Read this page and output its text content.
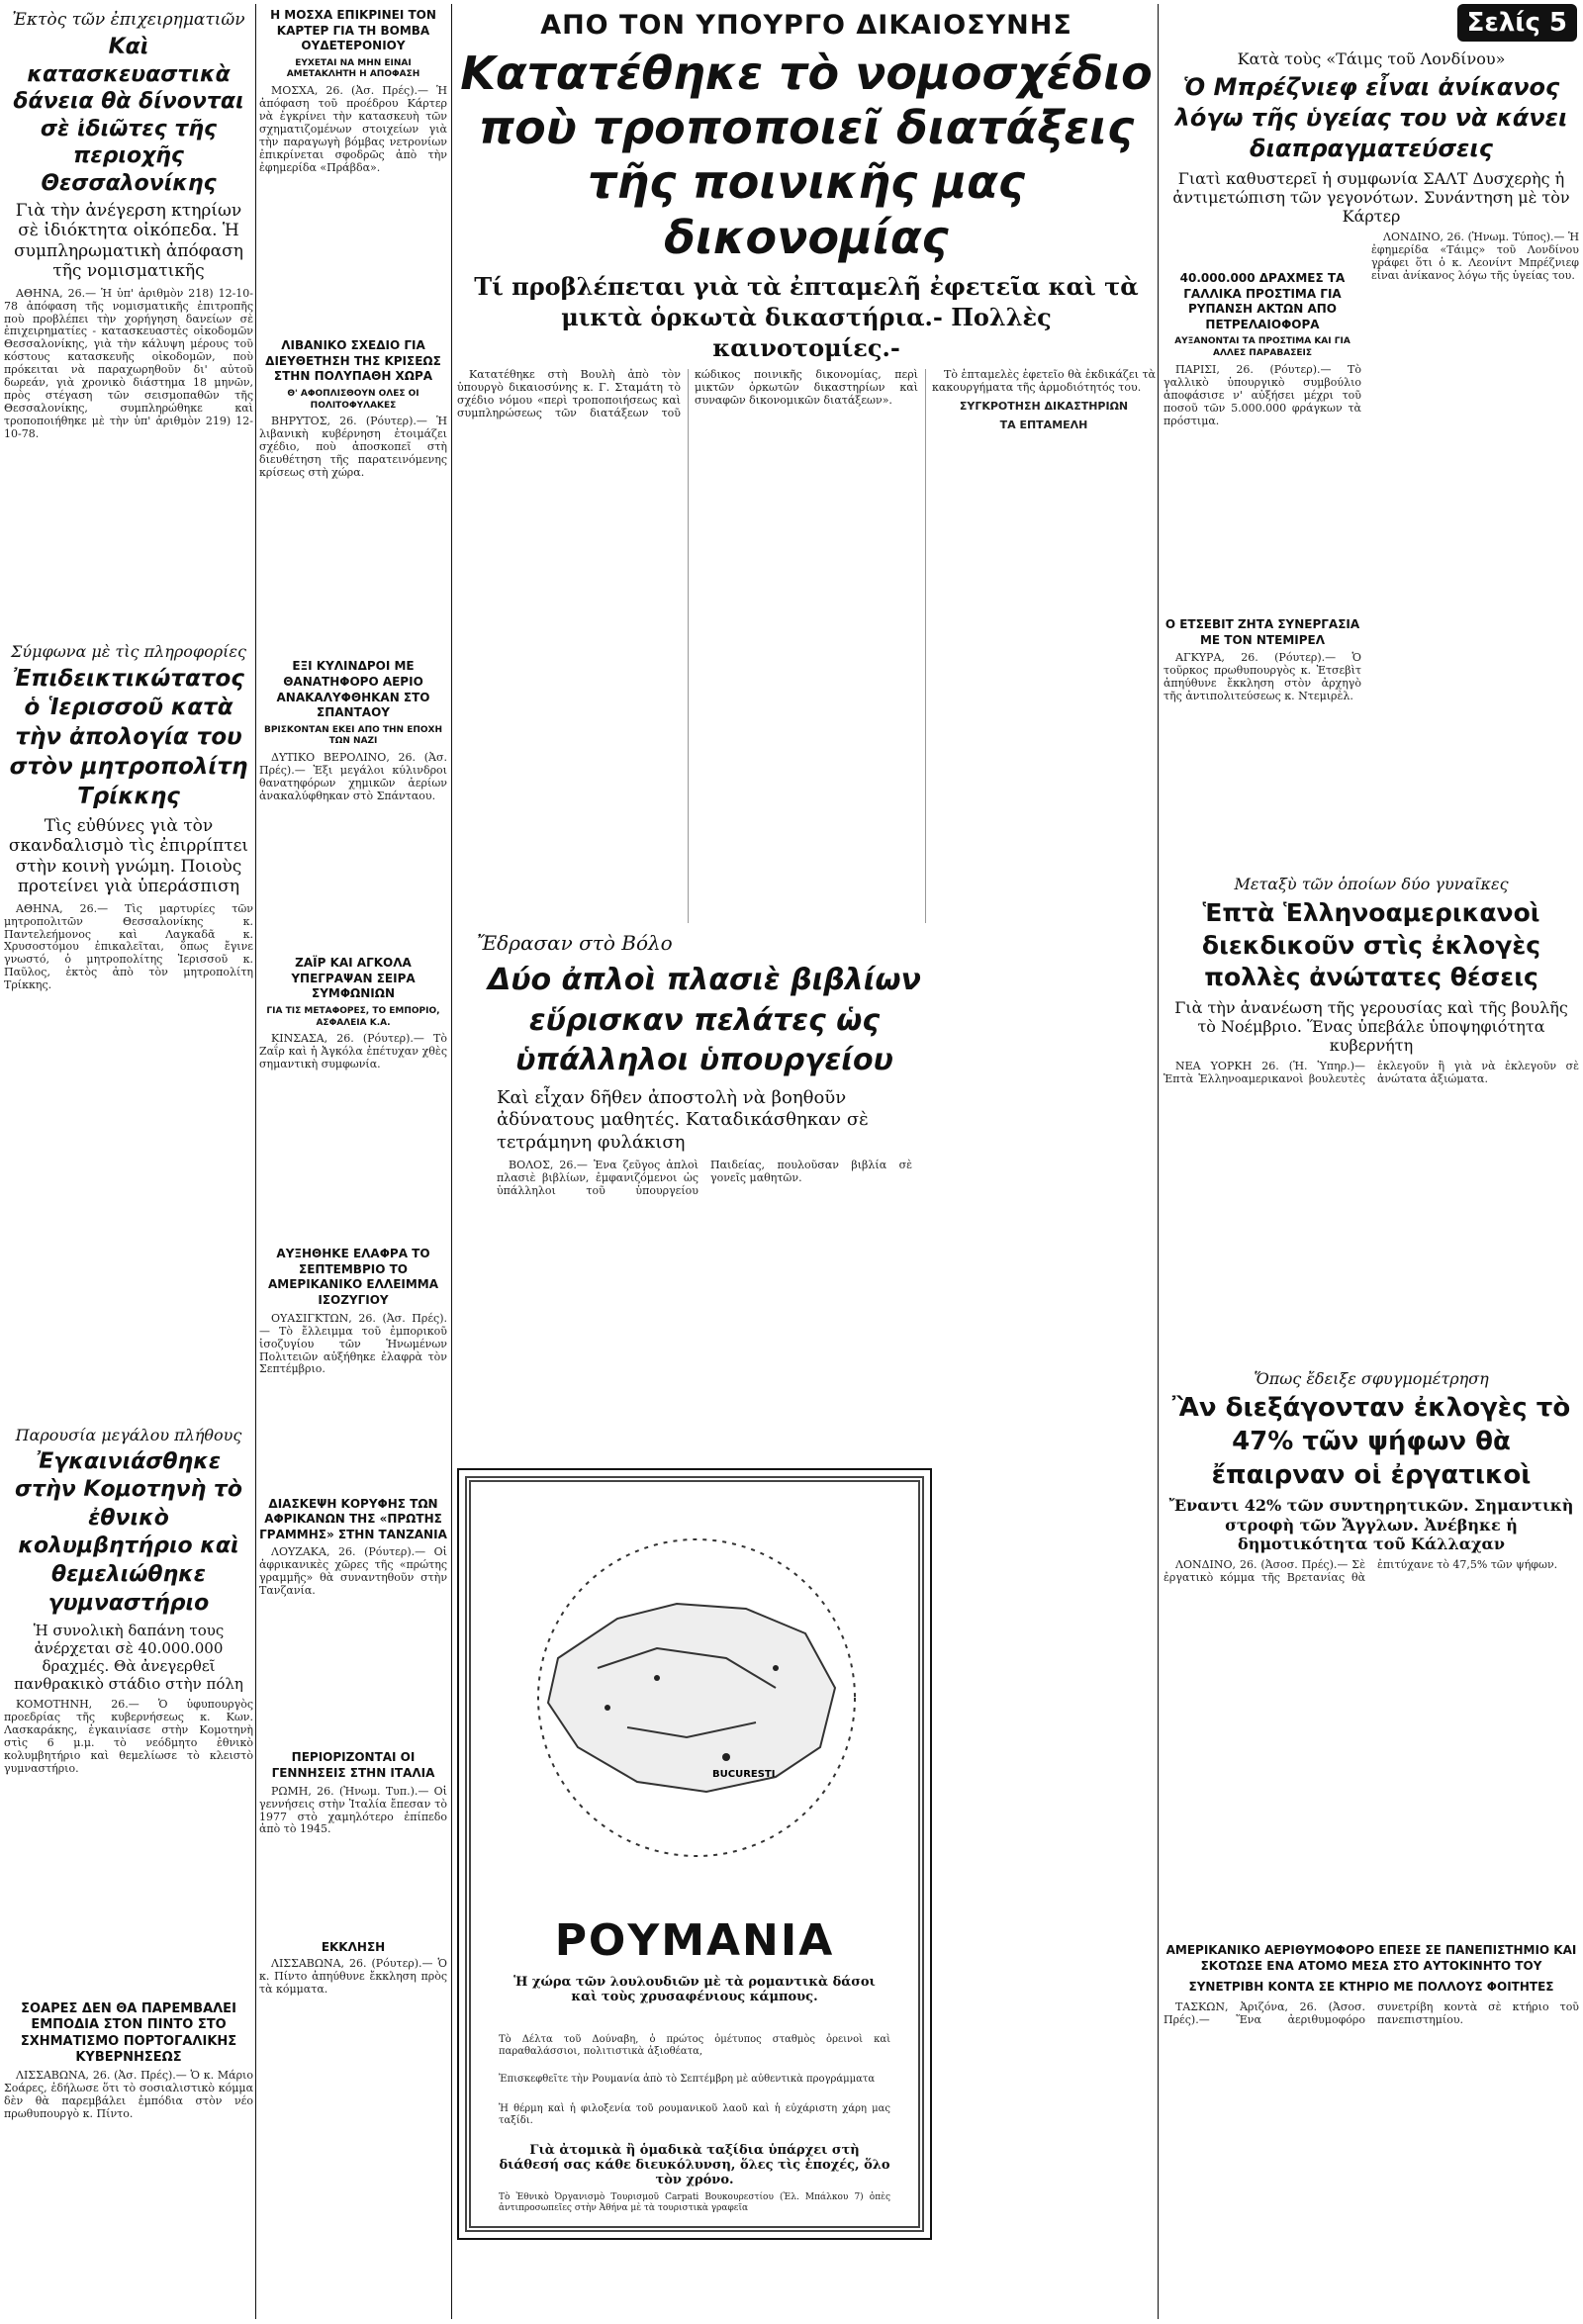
Ἐκτὸς τῶν ἐπιχειρηματιῶν
Καὶ κατασκευαστικὰ δάνεια θὰ δίνονται σὲ ἰδιῶτες τῆς περιοχῆς Θεσσαλονίκης
Γιὰ τὴν ἀνέγερση κτηρίων σὲ ἰδιόκτητα οἰκόπεδα. Ἡ συμπληρωματικὴ ἀπόφαση τῆς νομισματικῆς

ΑΘΗΝΑ, 26.— Ἡ ὑπ' ἀριθμὸν 218) 12-10-78 ἀπόφαση τῆς νομισματικῆς ἐπιτροπῆς ποὺ προβλέπει τὴν χορήγηση δανείων σὲ ἐπιχειρηματίες - κατασκευαστὲς οἰκοδομῶν Θεσσαλονίκης, γιὰ τὴν κάλυψη μέρους τοῦ κόστους κατασκευῆς οἰκοδομῶν, ποὺ πρόκειται νὰ παραχωρηθοῦν δι' αὐτοῦ δωρεάν, γιὰ χρονικὸ διάστημα 18 μηνῶν, πρὸς στέγαση τῶν σεισμοπαθῶν τῆς Θεσσαλονίκης, συμπληρώθηκε καὶ τροποποιήθηκε μὲ τὴν ὑπ' ἀριθμὸν 219) 12-10-78.

Σύμφωνα μὲ τὶς πληροφορίες
Ἐπιδεικτικώτατος ὁ Ἱερισσοῦ κατὰ τὴν ἀπολογία του στὸν μητροπολίτη Τρίκκης
Τὶς εὐθύνες γιὰ τὸν σκανδαλισμὸ τὶς ἐπιρρίπτει στὴν κοινὴ γνώμη. Ποιοὺς προτείνει γιὰ ὑπεράσπιση

ΑΘΗΝΑ, 26.— Τὶς μαρτυρίες τῶν μητροπολιτῶν Θεσσαλονίκης κ. Παντελεήμονος καὶ Λαγκαδᾶ κ. Χρυσοστόμου ἐπικαλεῖται, ὅπως ἔγινε γνωστό, ὁ μητροπολίτης Ἱερισσοῦ κ. Παῦλος, ἐκτὸς ἀπὸ τὸν μητροπολίτη Τρίκκης.

Παρουσία μεγάλου πλήθους
Ἐγκαινιάσθηκε στὴν Κομοτηνὴ τὸ ἐθνικὸ κολυμβητήριο καὶ θεμελιώθηκε γυμναστήριο
Ἡ συνολικὴ δαπάνη τους ἀνέρχεται σὲ 40.000.000 δραχμές. Θὰ ἀνεγερθεῖ πανθρακικὸ στάδιο στὴν πόλη

ΚΟΜΟΤΗΝΗ, 26.— Ὁ ὑφυπουργὸς προεδρίας τῆς κυβερνήσεως κ. Κων. Λασκαράκης, ἐγκαινίασε στὴν Κομοτηνὴ στὶς 6 μ.μ. τὸ νεόδμητο ἐθνικὸ κολυμβητήριο καὶ θεμελίωσε τὸ κλειστὸ γυμναστήριο.

ΣΟΑΡΕΣ ΔΕΝ ΘΑ ΠΑΡΕΜΒΑΛΕΙ ΕΜΠΟΔΙΑ ΣΤΟΝ ΠΙΝΤΟ ΣΤΟ ΣΧΗΜΑΤΙΣΜΟ ΠΟΡΤΟΓΑΛΙΚΗΣ ΚΥΒΕΡΝΗΣΕΩΣ

ΛΙΣΣΑΒΩΝΑ, 26. (Ἀσ. Πρές).— Ὁ κ. Μάριο Σοάρες, ἐδήλωσε ὅτι τὸ σοσιαλιστικὸ κόμμα δὲν θὰ παρεμβάλει ἐμπόδια στὸν νέο πρωθυπουργὸ κ. Πίντο.

Η ΜΟΣΧΑ ΕΠΙΚΡΙΝΕΙ ΤΟΝ ΚΑΡΤΕΡ ΓΙΑ ΤΗ ΒΟΜΒΑ ΟΥΔΕΤΕΡΟΝΙΟΥ
ΕΥΧΕΤΑΙ ΝΑ ΜΗΝ ΕΙΝΑΙ ΑΜΕΤΑΚΛΗΤΗ Η ΑΠΟΦΑΣΗ

ΜΟΣΧΑ, 26. (Ἀσ. Πρές).— Ἡ ἀπόφαση τοῦ προέδρου Κάρτερ νὰ ἐγκρίνει τὴν κατασκευὴ τῶν σχηματιζομένων στοιχείων γιὰ τὴν παραγωγὴ βόμβας νετρονίων ἐπικρίνεται σφοδρῶς ἀπὸ τὴν ἐφημερίδα «Πράβδα».

ΛΙΒΑΝΙΚΟ ΣΧΕΔΙΟ ΓΙΑ ΔΙΕΥΘΕΤΗΣΗ ΤΗΣ ΚΡΙΣΕΩΣ ΣΤΗΝ ΠΟΛΥΠΑΘΗ ΧΩΡΑ
Θ' ΑΦΟΠΛΙΣΘΟΥΝ ΟΛΕΣ ΟΙ ΠΟΛΙΤΟΦΥΛΑΚΕΣ

ΒΗΡΥΤΟΣ, 26. (Ρόυτερ).— Ἡ λιβανικὴ κυβέρνηση ἐτοιμάζει σχέδιο, ποὺ ἀποσκοπεῖ στὴ διευθέτηση τῆς παρατεινόμενης κρίσεως στὴ χώρα.

ΕΞΙ ΚΥΛΙΝΔΡΟΙ ΜΕ ΘΑΝΑΤΗΦΟΡΟ ΑΕΡΙΟ ΑΝΑΚΑΛΥΦΘΗΚΑΝ ΣΤΟ ΣΠΑΝΤΑΟΥ
ΒΡΙΣΚΟΝΤΑΝ ΕΚΕΙ ΑΠΟ ΤΗΝ ΕΠΟΧΗ ΤΩΝ ΝΑΖΙ

ΔΥΤΙΚΟ ΒΕΡΟΛΙΝΟ, 26. (Ἀσ. Πρές).— Ἐξι μεγάλοι κύλινδροι θανατηφόρων χημικῶν ἀερίων ἀνακαλύφθηκαν στὸ Σπάνταου.

ΖΑΪΡ ΚΑΙ ΑΓΚΟΛΑ ΥΠΕΓΡΑΨΑΝ ΣΕΙΡΑ ΣΥΜΦΩΝΙΩΝ
ΓΙΑ ΤΙΣ ΜΕΤΑΦΟΡΕΣ, ΤΟ ΕΜΠΟΡΙΟ, ΑΣΦΑΛΕΙΑ Κ.Α.

ΚΙΝΣΑΣΑ, 26. (Ρόυτερ).— Τὸ Ζαΐρ καὶ ἡ Ἀγκόλα ἐπέτυχαν χθὲς σημαντικὴ συμφωνία.

ΑΥΞΗΘΗΚΕ ΕΛΑΦΡΑ ΤΟ ΣΕΠΤΕΜΒΡΙΟ ΤΟ ΑΜΕΡΙΚΑΝΙΚΟ ΕΛΛΕΙΜΜΑ ΙΣΟΖΥΓΙΟΥ

ΟΥΑΣΙΓΚΤΩΝ, 26. (Ἀσ. Πρές).— Τὸ ἔλλειμμα τοῦ ἐμπορικοῦ ἰσοζυγίου τῶν Ἡνωμένων Πολιτειῶν αὐξήθηκε ἐλαφρὰ τὸν Σεπτέμβριο.

ΔΙΑΣΚΕΨΗ ΚΟΡΥΦΗΣ ΤΩΝ ΑΦΡΙΚΑΝΩΝ ΤΗΣ «ΠΡΩΤΗΣ ΓΡΑΜΜΗΣ» ΣΤΗΝ ΤΑΝΖΑΝΙΑ

ΛΟΥΖΑΚΑ, 26. (Ρόυτερ).— Οἱ ἀφρικανικὲς χῶρες τῆς «πρώτης γραμμῆς» θὰ συναντηθοῦν στὴν Τανζανία.

ΠΕΡΙΟΡΙΖΟΝΤΑΙ ΟΙ ΓΕΝΝΗΣΕΙΣ ΣΤΗΝ ΙΤΑΛΙΑ

ΡΩΜΗ, 26. (Ἠνωμ. Τυπ.).— Οἱ γεννήσεις στὴν Ἰταλία ἔπεσαν τὸ 1977 στὸ χαμηλότερο ἐπίπεδο ἀπὸ τὸ 1945.

ΕΚΚΛΗΣΗ

ΛΙΣΣΑΒΩΝΑ, 26. (Ρόυτερ).— Ὁ κ. Πίντο ἀπηύθυνε ἔκκληση πρὸς τὰ κόμματα.

ΑΠΟ ΤΟΝ ΥΠΟΥΡΓΟ ΔΙΚΑΙΟΣΥΝΗΣ
Κατατέθηκε τὸ νομοσχέδιο ποὺ τροποποιεῖ διατάξεις τῆς ποινικῆς μας δικονομίας
Τί προβλέπεται γιὰ τὰ ἐπταμελῆ ἐφετεῖα καὶ τὰ μικτὰ ὁρκωτὰ δικαστήρια.- Πολλὲς καινοτομίες.-

Κατατέθηκε στὴ Βουλὴ ἀπὸ τὸν ὑπουργὸ δικαιοσύνης κ. Γ. Σταμάτη τὸ σχέδιο νόμου «περὶ τροποποιήσεως καὶ συμπληρώσεως τῶν διατάξεων τοῦ κώδικος ποινικῆς δικονομίας, περὶ μικτῶν ὁρκωτῶν δικαστηρίων καὶ συναφῶν δικονομικῶν διατάξεων».

Τὸ ἑπταμελὲς ἐφετεῖο θὰ ἐκδικάζει τὰ κακουργήματα τῆς ἁρμοδιότητός του.

ΣΥΓΚΡΟΤΗΣΗ ΔΙΚΑΣΤΗΡΙΩΝ
ΤΑ ΕΠΤΑΜΕΛΗ
Ἔδρασαν στὸ Βόλο
Δύο ἀπλοὶ πλασιὲ βιβλίων εὕρισκαν πελάτες ὡς ὑπάλληλοι ὑπουργείου
Καὶ εἶχαν δῆθεν ἀποστολὴ νὰ βοηθοῦν ἀδύνατους μαθητές. Καταδικάσθηκαν σὲ τετράμηνη φυλάκιση

ΒΟΛΟΣ, 26.— Ἐνα ζεῦγος ἀπλοὶ πλασιὲ βιβλίων, ἐμφανιζόμενοι ὡς ὑπάλληλοι τοῦ ὑπουργείου Παιδείας, πουλοῦσαν βιβλία σὲ γονεῖς μαθητῶν.

BUCURESTI
ΡΟΥΜΑΝΙΑ
Ἡ χώρα τῶν λουλουδιῶν μὲ τὰ ρομαντικὰ δάσοι καὶ τοὺς χρυσαφένιους κάμπους.
Τὸ Δέλτα τοῦ Δούναβη, ὁ πρώτος ὁμέτυπος σταθμὸς ὀρεινοὶ καὶ παραθαλάσσιοι, πολιτιστικὰ ἀξιοθέατα,
Ἐπισκεφθεῖτε τὴν Ρουμανία ἀπὸ τὸ Σεπτέμβρη μὲ αὐθεντικὰ προγράμματα
Ἡ θέρμη καὶ ἡ φιλοξενία τοῦ ρουμανικοῦ λαοῦ καὶ ἡ εὐχάριστη χάρη μας ταξίδι.
Γιὰ ἀτομικὰ ἢ ὁμαδικὰ ταξίδια ὑπάρχει στὴ διάθεσή σας κάθε διευκόλυνση, ὅλες τὶς ἐποχές, ὅλο τὸν χρόνο.
Τὸ Ἐθνικὸ Ὀργανισμὸ Τουρισμοῦ Carpati Βουκουρεστίου (Ἐλ. Μπάλκου 7) ὁπὲς ἀντιπροσωπεῖες στὴν Ἀθήνα μὲ τὰ τουριστικὰ γραφεῖα
Σελίς 5
Κατὰ τοὺς «Τάιμς τοῦ Λονδίνου»
Ὁ Μπρέζνιεφ εἶναι ἀνίκανος λόγω τῆς ὑγείας του νὰ κάνει διαπραγματεύσεις
Γιατὶ καθυστερεῖ ἡ συμφωνία ΣΑΛΤ Δυσχερὴς ἡ ἀντιμετώπιση τῶν γεγονότων. Συνάντηση μὲ τὸν Κάρτερ

ΛΟΝΔΙΝΟ, 26. (Ἠνωμ. Τύπος).— Ἡ ἐφημερίδα «Τάιμς» τοῦ Λονδίνου γράφει ὅτι ὁ κ. Λεονίντ Μπρέζνιεφ εἶναι ἀνίκανος λόγω τῆς ὑγείας του.

40.000.000 ΔΡΑΧΜΕΣ ΤΑ ΓΑΛΛΙΚΑ ΠΡΟΣΤΙΜΑ ΓΙΑ ΡΥΠΑΝΣΗ ΑΚΤΩΝ ΑΠΟ ΠΕΤΡΕΛΑΙΟΦΟΡΑ
ΑΥΞΑΝΟΝΤΑΙ ΤΑ ΠΡΟΣΤΙΜΑ ΚΑΙ ΓΙΑ ΑΛΛΕΣ ΠΑΡΑΒΑΣΕΙΣ

ΠΑΡΙΣΙ, 26. (Ρόυτερ).— Τὸ γαλλικὸ ὑπουργικὸ συμβούλιο ἀποφάσισε ν' αὐξήσει μέχρι τοῦ ποσοῦ τῶν 5.000.000 φράγκων τὰ πρόστιμα.

Ο ΕΤΣΕΒΙΤ ΖΗΤΑ ΣΥΝΕΡΓΑΣΙΑ ΜΕ ΤΟΝ ΝΤΕΜΙΡΕΛ

ΑΓΚΥΡΑ, 26. (Ρόυτερ).— Ὁ τοῦρκος πρωθυπουργὸς κ. Ἐτσεβὶτ ἀπηύθυνε ἔκκληση στὸν ἀρχηγὸ τῆς ἀντιπολιτεύσεως κ. Ντεμιρὲλ.

Μεταξὺ τῶν ὁποίων δύο γυναῖκες
Ἑπτὰ Ἑλληνοαμερικανοὶ διεκδικοῦν στὶς ἐκλογὲς πολλὲς ἀνώτατες θέσεις
Γιὰ τὴν ἀνανέωση τῆς γερουσίας καὶ τῆς βουλῆς τὸ Νοέμβριο. Ἕνας ὑπεβάλε ὑποψηφιότητα κυβερνήτη

ΝΕΑ ΥΟΡΚΗ 26. (Ἡ. Ὑπηρ.)— Ἑπτὰ Ἑλληνοαμερικανοὶ βουλευτὲς ἐκλεγοῦν ἢ γιὰ νὰ ἐκλεγοῦν σὲ ἀνώτατα ἀξιώματα.

Ὅπως ἔδειξε σφυγμομέτρηση
Ἂν διεξάγονταν ἐκλογὲς τὸ 47% τῶν ψήφων θὰ ἔπαιρναν οἱ ἐργατικοὶ
Ἔναντι 42% τῶν συντηρητικῶν. Σημαντικὴ στροφὴ τῶν Ἄγγλων. Ἀνέβηκε ἡ δημοτικότητα τοῦ Κάλλαχαν

ΛΟΝΔΙΝΟ, 26. (Ἀσοσ. Πρές).— Σὲ ἐργατικὸ κόμμα τῆς Βρετανίας θὰ ἐπιτύχανε τὸ 47,5% τῶν ψήφων.

ΑΜΕΡΙΚΑΝΙΚΟ ΑΕΡΙΘΥΜΟΦΟΡΟ ΕΠΕΣΕ ΣΕ ΠΑΝΕΠΙΣΤΗΜΙΟ ΚΑΙ ΣΚΟΤΩΣΕ ΕΝΑ ΑΤΟΜΟ ΜΕΣΑ ΣΤΟ ΑΥΤΟΚΙΝΗΤΟ ΤΟΥ
ΣΥΝΕΤΡΙΒΗ ΚΟΝΤΑ ΣΕ ΚΤΗΡΙΟ ΜΕ ΠΟΛΛΟΥΣ ΦΟΙΤΗΤΕΣ

ΤΑΣΚΩΝ, Ἀριζόνα, 26. (Ἀσοσ. Πρές).— Ἕνα ἀεριθυμοφόρο συνετρίβη κοντὰ σὲ κτήριο τοῦ πανεπιστημίου.
